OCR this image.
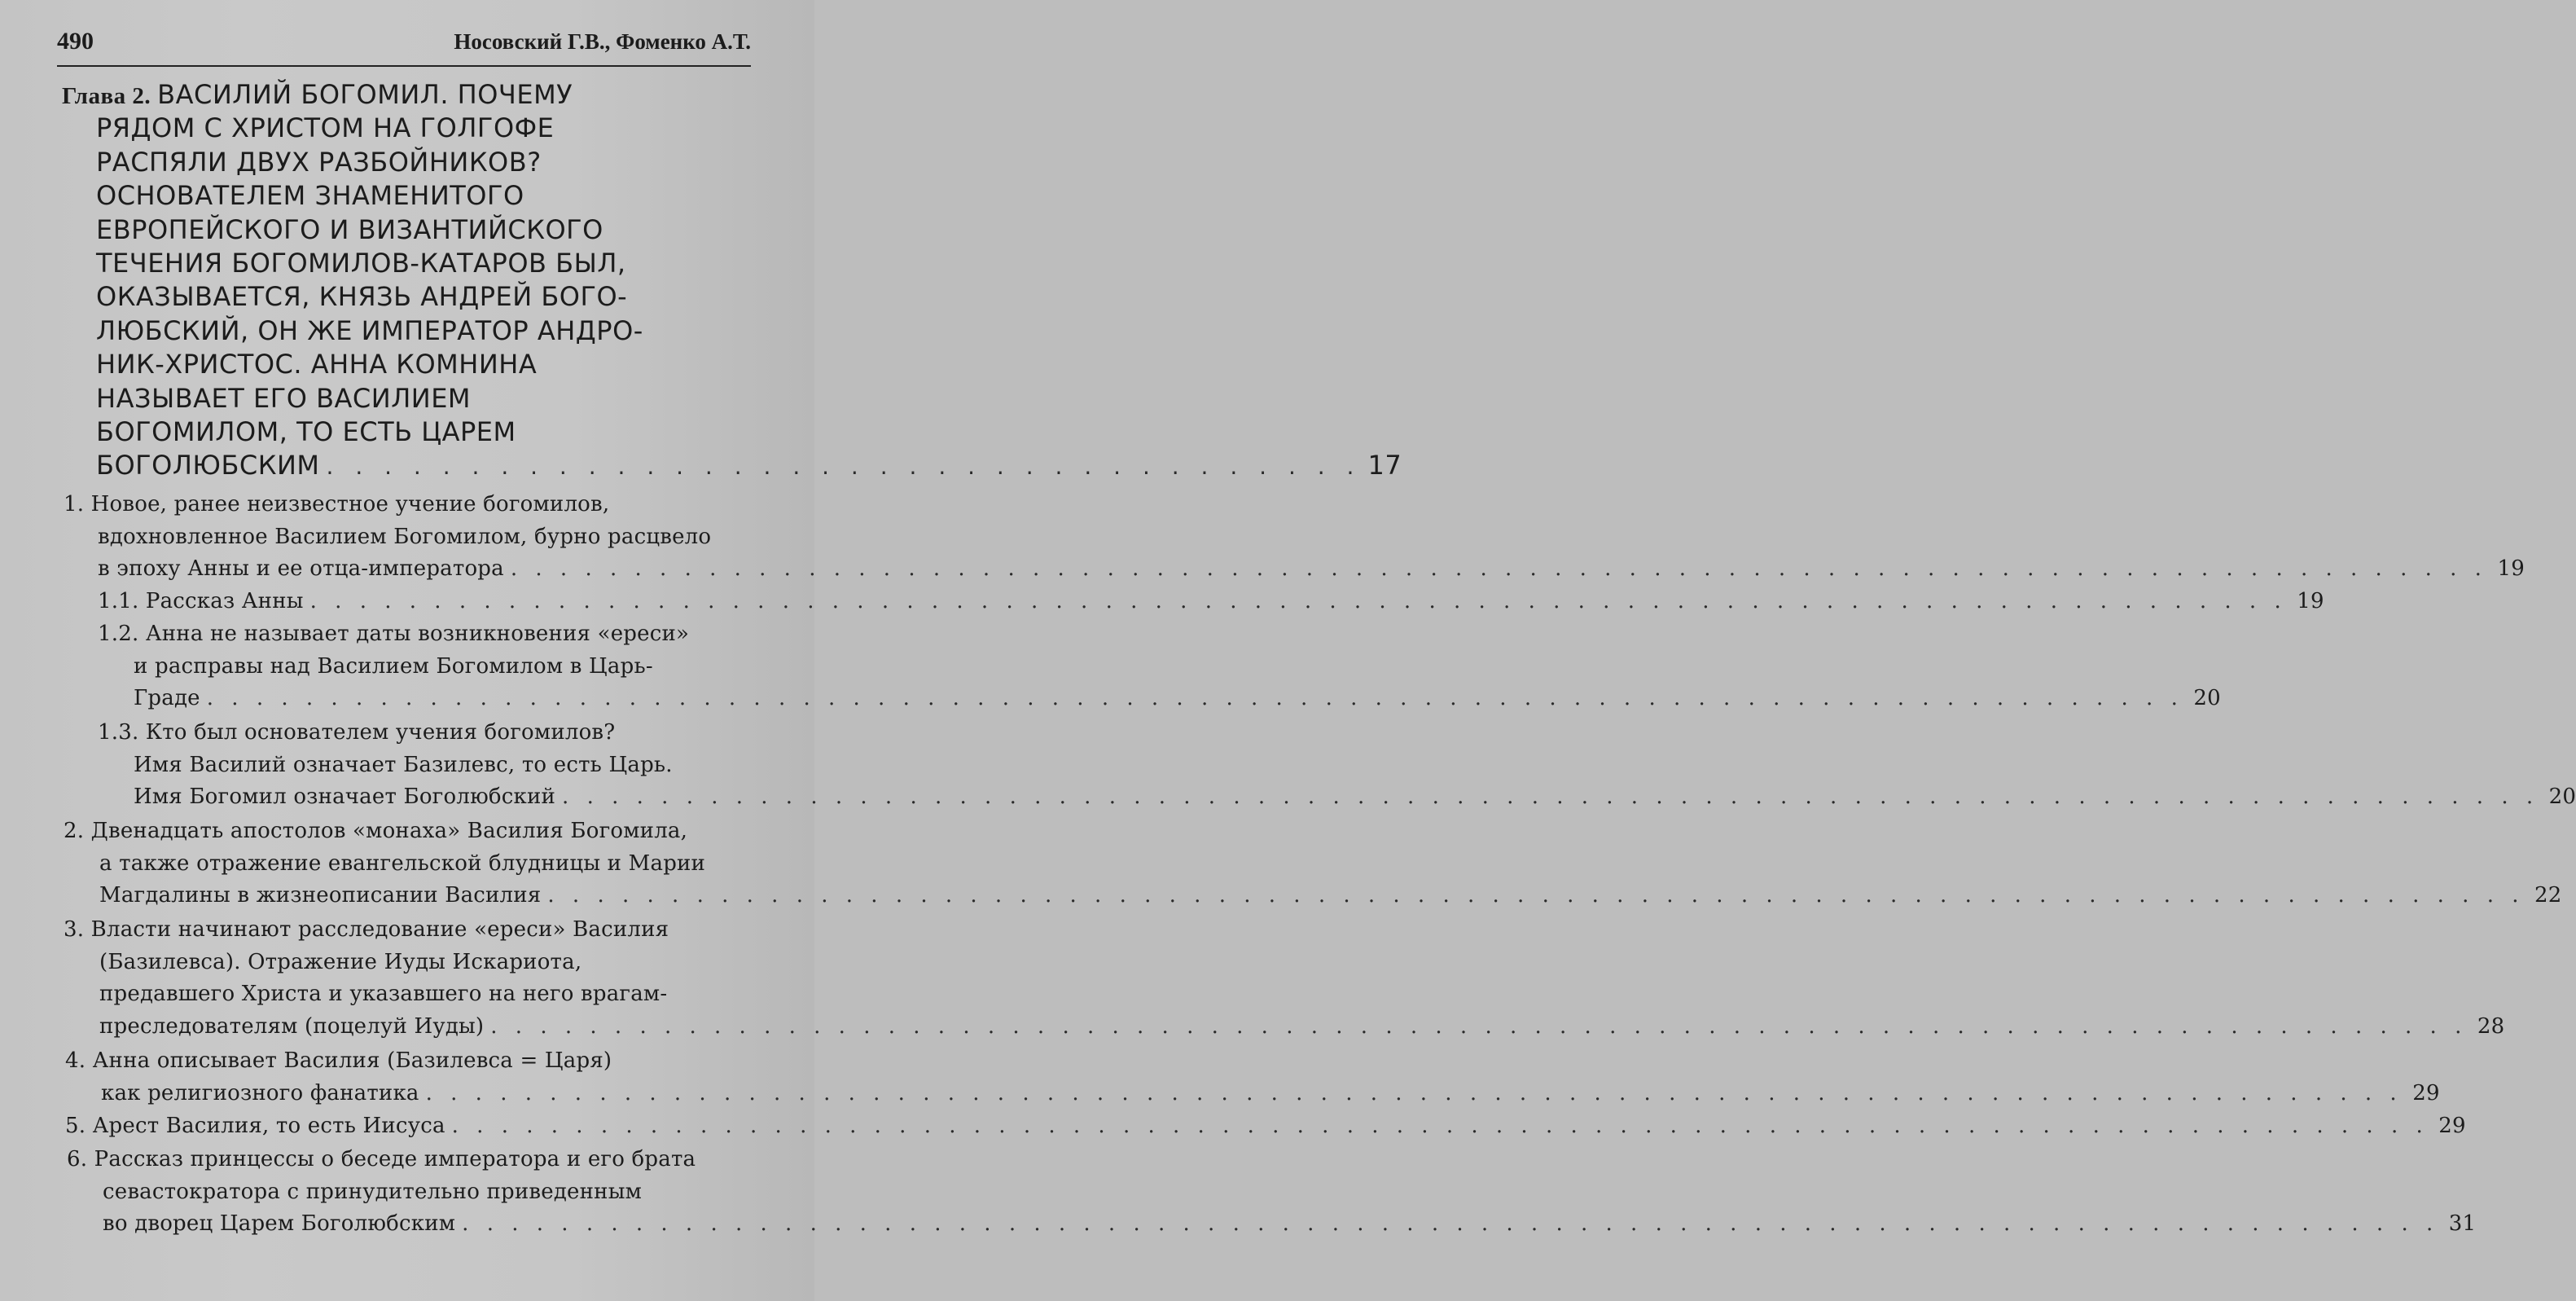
490	Носовский Г.В., Фоменко А.Т.
Глава 2. ВАСИЛИЙ БОГОМИЛ. ПОЧЕМУ
РЯДОМ С ХРИСТОМ НА ГОЛГОФЕ
РАСПЯЛИ ДВУХ РАЗБОЙНИКОВ?
ОСНОВАТЕЛЕМ ЗНАМЕНИТОГО
ЕВРОПЕЙСКОГО И ВИЗАНТИЙСКОГО
ТЕЧЕНИЯ БОГОМИЛОВ-КАТАРОВ БЫЛ,
ОКАЗЫВАЕТСЯ, КНЯЗЬ АНДРЕЙ БОГО-
ЛЮБСКИЙ, ОН ЖЕ ИМПЕРАТОР АНДРО-
НИК-ХРИСТОС. АННА КОМНИНА
НАЗЫВАЕТ ЕГО ВАСИЛИЕМ
БОГОМИЛОМ, ТО ЕСТЬ ЦАРЕМ
БОГОЛЮБСКИМ . . . . . . . . . . . . . . . . . . . . . . . . . . . . . . . . . . . . 17
1. Новое, ранее неизвестное учение богомилов,
вдохновленное Василием Богомилом, бурно расцвело
в эпоху Анны и ее отца-императора . . . . . . . . . . . . . . . . . . . . . . . . . . . . . . . . . . . . . . . . . . . . . . . . . . . . . . . . . . . . . . . . . . . . . . . . . . . . . . . . 19
1.1. Рассказ Анны . . . . . . . . . . . . . . . . . . . . . . . . . . . . . . . . . . . . . . . . . . . . . . . . . . . . . . . . . . . . . . . . . . . . . . . . . . . . . . . . 19
1.2. Анна не называет даты возникновения «ереси»
и расправы над Василием Богомилом в Царь-
Граде . . . . . . . . . . . . . . . . . . . . . . . . . . . . . . . . . . . . . . . . . . . . . . . . . . . . . . . . . . . . . . . . . . . . . . . . . . . . . . . . 20
1.3. Кто был основателем учения богомилов?
Имя Василий означает Базилевс, то есть Царь.
Имя Богомил означает Боголюбский . . . . . . . . . . . . . . . . . . . . . . . . . . . . . . . . . . . . . . . . . . . . . . . . . . . . . . . . . . . . . . . . . . . . . . . . . . . . . . . . 20
2. Двенадцать апостолов «монаха» Василия Богомила,
а также отражение евангельской блудницы и Марии
Магдалины в жизнеописании Василия . . . . . . . . . . . . . . . . . . . . . . . . . . . . . . . . . . . . . . . . . . . . . . . . . . . . . . . . . . . . . . . . . . . . . . . . . . . . . . . . 22
3. Власти начинают расследование «ереси» Василия
(Базилевса). Отражение Иуды Искариота,
предавшего Христа и указавшего на него врагам-
преследователям (поцелуй Иуды) . . . . . . . . . . . . . . . . . . . . . . . . . . . . . . . . . . . . . . . . . . . . . . . . . . . . . . . . . . . . . . . . . . . . . . . . . . . . . . . . 28
4. Анна описывает Василия (Базилевса = Царя)
как религиозного фанатика . . . . . . . . . . . . . . . . . . . . . . . . . . . . . . . . . . . . . . . . . . . . . . . . . . . . . . . . . . . . . . . . . . . . . . . . . . . . . . . . 29
5. Арест Василия, то есть Иисуса . . . . . . . . . . . . . . . . . . . . . . . . . . . . . . . . . . . . . . . . . . . . . . . . . . . . . . . . . . . . . . . . . . . . . . . . . . . . . . . . 29
6. Рассказ принцессы о беседе императора и его брата
севастократора с принудительно приведенным
во дворец Царем Боголюбским . . . . . . . . . . . . . . . . . . . . . . . . . . . . . . . . . . . . . . . . . . . . . . . . . . . . . . . . . . . . . . . . . . . . . . . . . . . . . . . . 31
